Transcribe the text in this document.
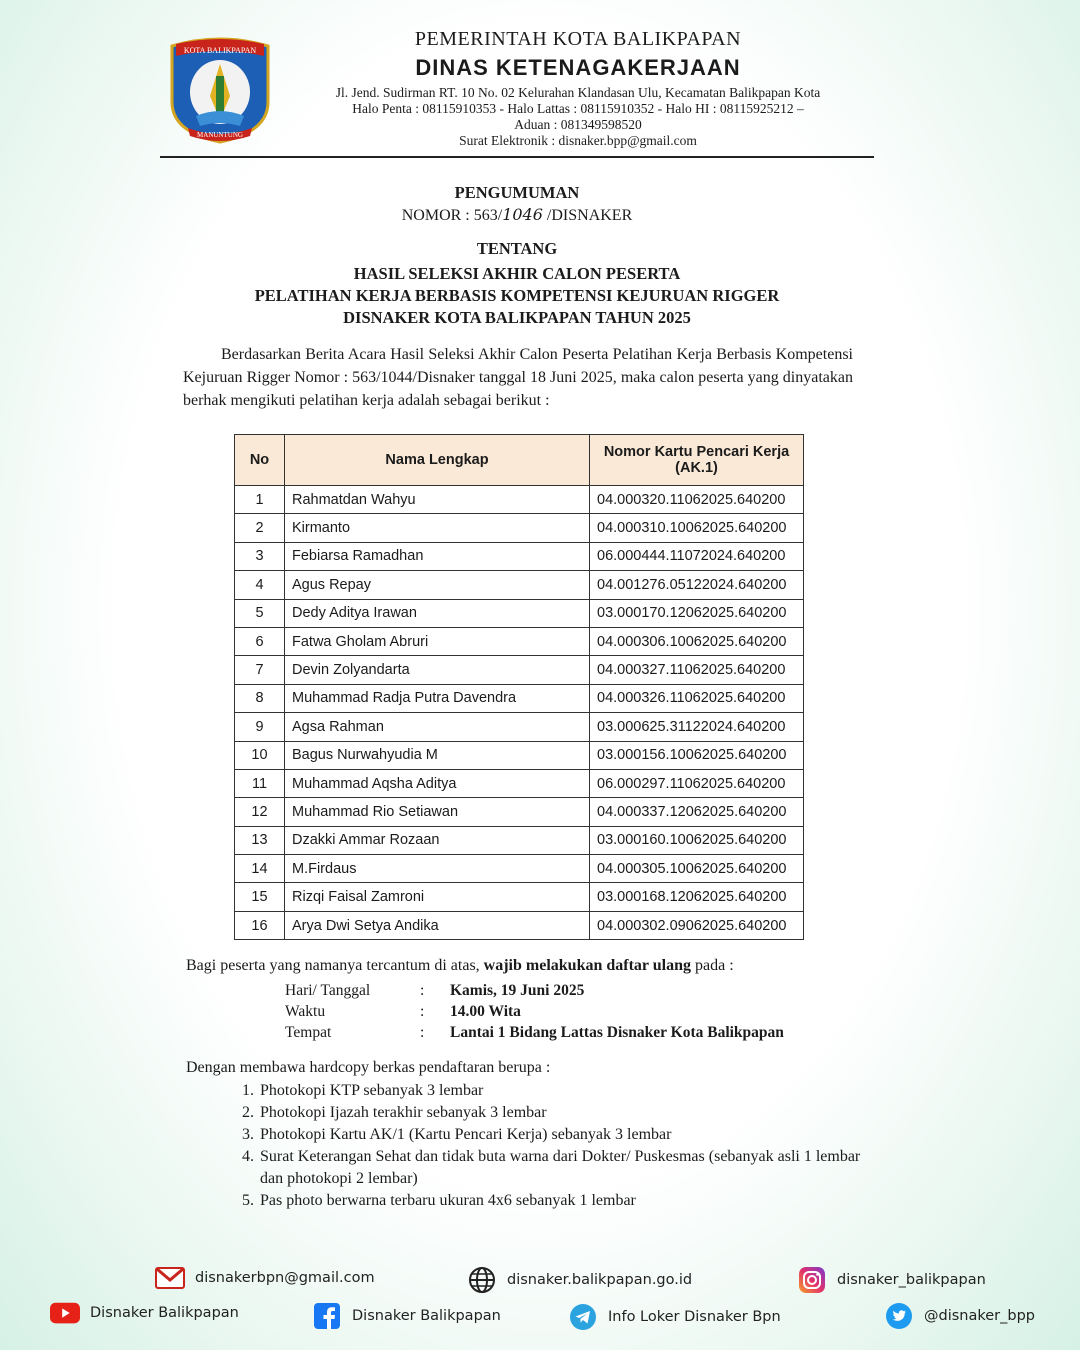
KOTA BALIKPAPAN
MANUNTUNG
PEMERINTAH KOTA BALIKPAPAN
DINAS KETENAGAKERJAAN
Jl. Jend. Sudirman RT. 10 No. 02 Kelurahan Klandasan Ulu, Kecamatan Balikpapan Kota
Halo Penta : 08115910353 - Halo Lattas : 08115910352 - Halo HI : 08115925212 –
Aduan : 081349598520
Surat Elektronik : disnaker.bpp@gmail.com
PENGUMUMAN
NOMOR : 563/1046 /DISNAKER
TENTANG
HASIL SELEKSI AKHIR CALON PESERTA
PELATIHAN KERJA BERBASIS KOMPETENSI KEJURUAN RIGGER
DISNAKER KOTA BALIKPAPAN TAHUN 2025
Berdasarkan Berita Acara Hasil Seleksi Akhir Calon Peserta Pelatihan Kerja Berbasis Kompetensi Kejuruan Rigger Nomor : 563/1044/Disnaker tanggal 18 Juni 2025, maka calon peserta yang dinyatakan berhak mengikuti pelatihan kerja adalah sebagai berikut :
No	Nama Lengkap	Nomor Kartu Pencari Kerja (AK.1)
1	Rahmatdan Wahyu	04.000320.11062025.640200
2	Kirmanto	04.000310.10062025.640200
3	Febiarsa Ramadhan	06.000444.11072024.640200
4	Agus Repay	04.001276.05122024.640200
5	Dedy Aditya Irawan	03.000170.12062025.640200
6	Fatwa Gholam Abruri	04.000306.10062025.640200
7	Devin Zolyandarta	04.000327.11062025.640200
8	Muhammad Radja Putra Davendra	04.000326.11062025.640200
9	Agsa Rahman	03.000625.31122024.640200
10	Bagus Nurwahyudia M	03.000156.10062025.640200
11	Muhammad Aqsha Aditya	06.000297.11062025.640200
12	Muhammad Rio Setiawan	04.000337.12062025.640200
13	Dzakki Ammar Rozaan	03.000160.10062025.640200
14	M.Firdaus	04.000305.10062025.640200
15	Rizqi Faisal Zamroni	03.000168.12062025.640200
16	Arya Dwi Setya Andika	04.000302.09062025.640200
Bagi peserta yang namanya tercantum di atas, wajib melakukan daftar ulang pada :
Hari/ Tanggal	:	Kamis, 19 Juni 2025
Waktu	:	14.00 Wita
Tempat	:	Lantai 1 Bidang Lattas Disnaker Kota Balikpapan
Dengan membawa hardcopy berkas pendaftaran berupa :
1. Photokopi KTP sebanyak 3 lembar
2. Photokopi Ijazah terakhir sebanyak 3 lembar
3. Photokopi Kartu AK/1 (Kartu Pencari Kerja) sebanyak 3 lembar
4. Surat Keterangan Sehat dan tidak buta warna dari Dokter/ Puskesmas (sebanyak asli 1 lembar dan photokopi 2 lembar)
5. Pas photo berwarna terbaru ukuran 4x6 sebanyak 1 lembar
disnakerbpn@gmail.com	disnaker.balikpapan.go.id	disnaker_balikpapan
Disnaker Balikpapan	Disnaker Balikpapan	Info Loker Disnaker Bpn	@disnaker_bpp
